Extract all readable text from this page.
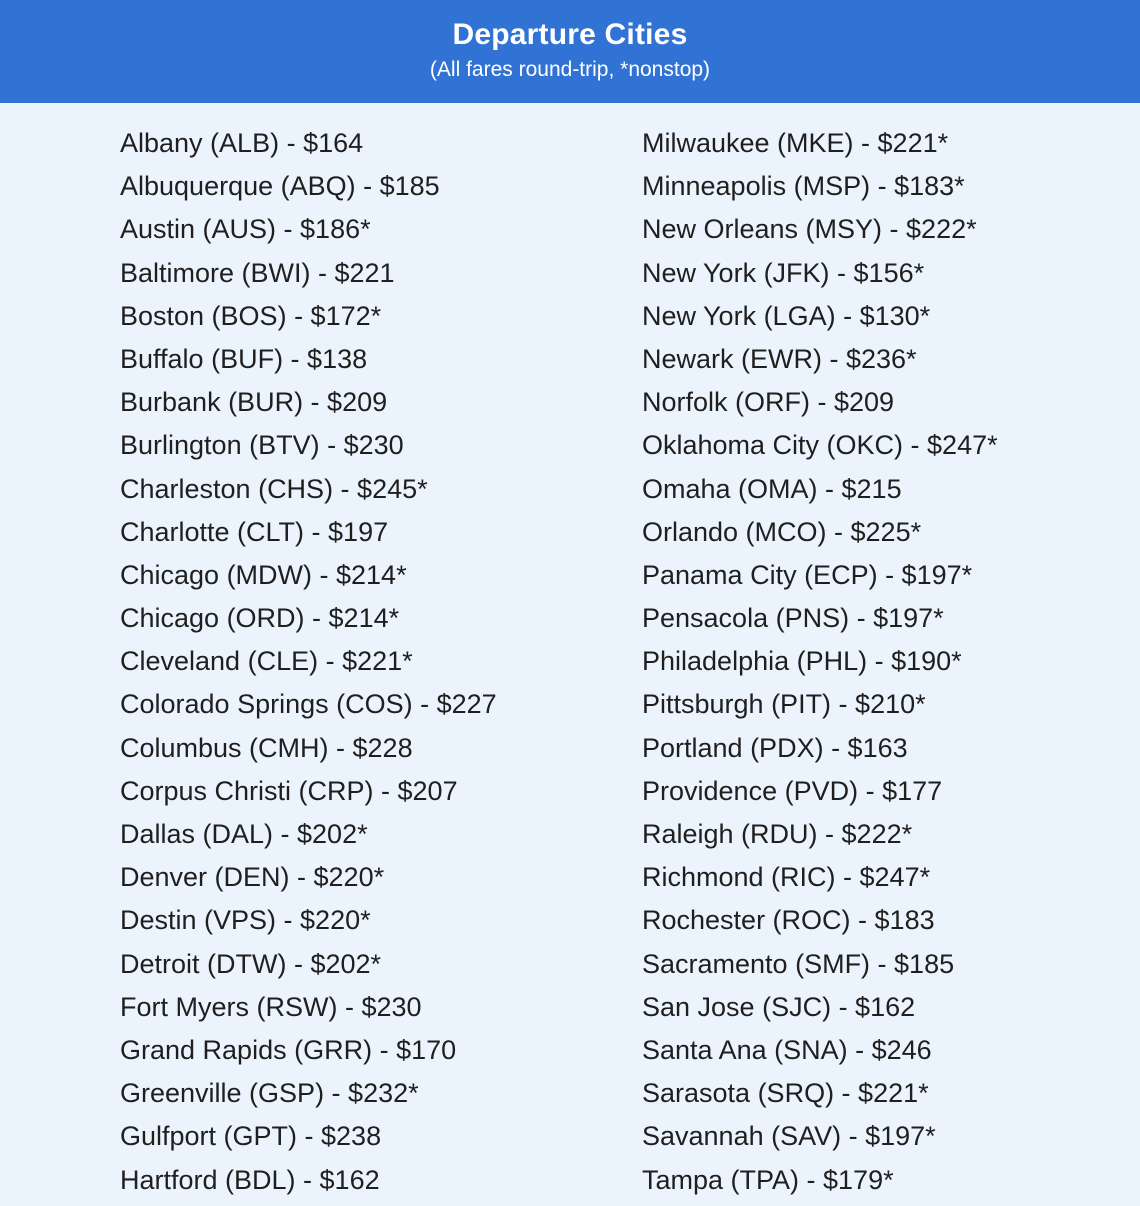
Departure Cities
(All fares round-trip, *nonstop)
Albany (ALB) - $164
Albuquerque (ABQ) - $185
Austin (AUS) - $186*
Baltimore (BWI) - $221
Boston (BOS) - $172*
Buffalo (BUF) - $138
Burbank (BUR) - $209
Burlington (BTV) - $230
Charleston (CHS) - $245*
Charlotte (CLT) - $197
Chicago (MDW) - $214*
Chicago (ORD) - $214*
Cleveland (CLE) - $221*
Colorado Springs (COS) - $227
Columbus (CMH) - $228
Corpus Christi (CRP) - $207
Dallas (DAL) - $202*
Denver (DEN) - $220*
Destin (VPS) - $220*
Detroit (DTW) - $202*
Fort Myers (RSW) - $230
Grand Rapids (GRR) - $170
Greenville (GSP) - $232*
Gulfport (GPT) - $238
Hartford (BDL) - $162
Milwaukee (MKE) - $221*
Minneapolis (MSP) - $183*
New Orleans (MSY) - $222*
New York (JFK) - $156*
New York (LGA) - $130*
Newark (EWR) - $236*
Norfolk (ORF) - $209
Oklahoma City (OKC) - $247*
Omaha (OMA) - $215
Orlando (MCO) - $225*
Panama City (ECP) - $197*
Pensacola (PNS) - $197*
Philadelphia (PHL) - $190*
Pittsburgh (PIT) - $210*
Portland (PDX) - $163
Providence (PVD) - $177
Raleigh (RDU) - $222*
Richmond (RIC) - $247*
Rochester (ROC) - $183
Sacramento (SMF) - $185
San Jose (SJC) - $162
Santa Ana (SNA) - $246
Sarasota (SRQ) - $221*
Savannah (SAV) - $197*
Tampa (TPA) - $179*
